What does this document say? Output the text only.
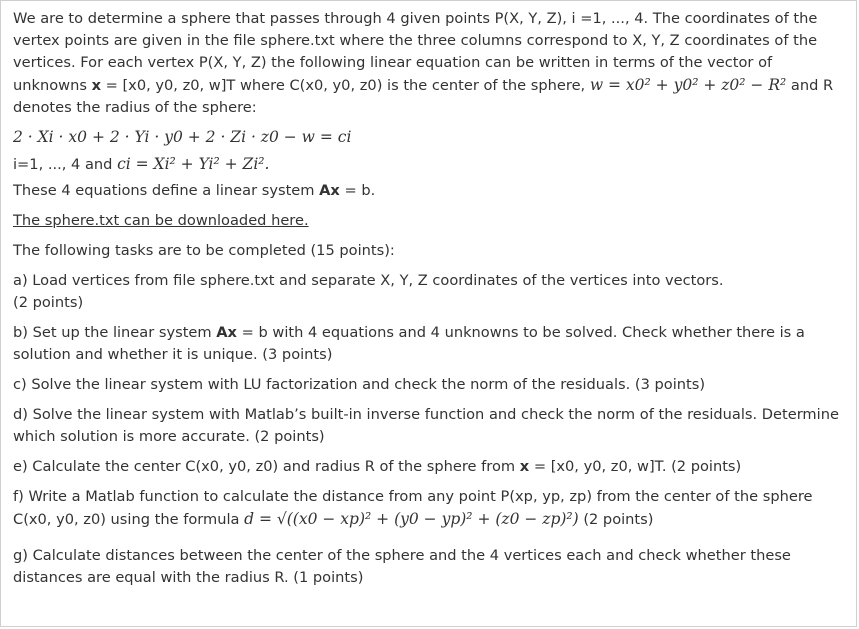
We are to determine a sphere that passes through 4 given points P(X, Y, Z), i =1, ..., 4. The coordinates of the vertex points are given in the file sphere.txt where the three columns correspond to X, Y, Z coordinates of the vertices. For each vertex P(X, Y, Z) the following linear equation can be written in terms of the vector of unknowns x = [x0, y0, z0, w]T where C(x0, y0, z0) is the center of the sphere, w = x0² + y0² + z0² − R² and R denotes the radius of the sphere:

2 · Xi · x0 + 2 · Yi · y0 + 2 · Zi · z0 − w = ci

i=1, ..., 4 and ci = Xi² + Yi² + Zi².

These 4 equations define a linear system Ax = b.

The sphere.txt can be downloaded here.

The following tasks are to be completed (15 points):

a) Load vertices from file sphere.txt and separate X, Y, Z coordinates of the vertices into vectors.
(2 points)

b) Set up the linear system Ax = b with 4 equations and 4 unknowns to be solved. Check whether there is a solution and whether it is unique. (3 points)

c) Solve the linear system with LU factorization and check the norm of the residuals. (3 points)

d) Solve the linear system with Matlab’s built-in inverse function and check the norm of the residuals. Determine which solution is more accurate. (2 points)

e) Calculate the center C(x0, y0, z0) and radius R of the sphere from x = [x0, y0, z0, w]T. (2 points)

f) Write a Matlab function to calculate the distance from any point P(xp, yp, zp) from the center of the sphere C(x0, y0, z0) using the formula d = √((x0 − xp)² + (y0 − yp)² + (z0 − zp)²) (2 points)

g) Calculate distances between the center of the sphere and the 4 vertices each and check whether these distances are equal with the radius R. (1 points)
